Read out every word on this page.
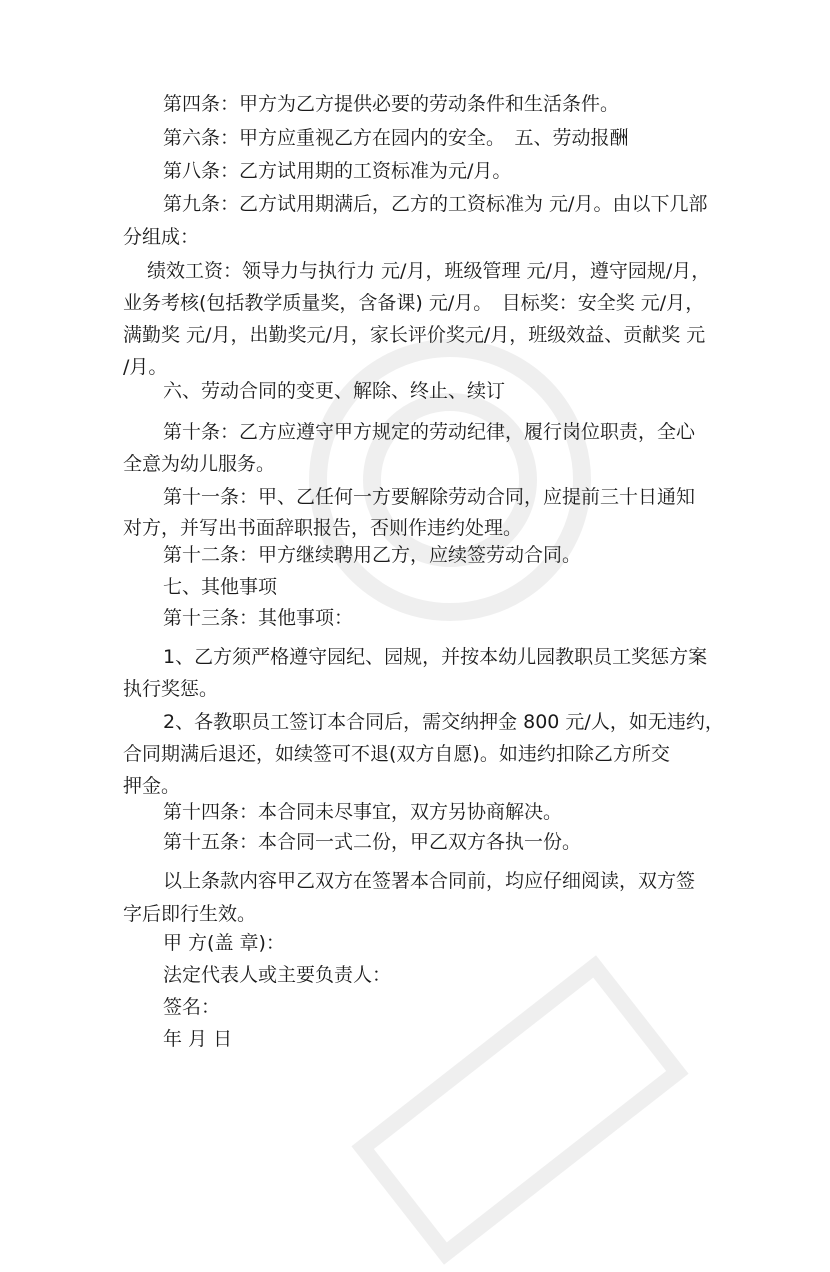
第四条：甲方为乙方提供必要的劳动条件和生活条件。
第六条：甲方应重视乙方在园内的安全。　五、劳动报酬
第八条：乙方试用期的工资标准为元/月。
第九条：乙方试用期满后，乙方的工资标准为 元/月。由以下几部
分组成：
绩效工资：领导力与执行力 元/月，班级管理 元/月，遵守园规/月，
业务考核(包括教学质量奖，含备课) 元/月。　目标奖：安全奖 元/月，
满勤奖 元/月，出勤奖元/月，家长评价奖元/月，班级效益、贡献奖 元
/月。
六、劳动合同的变更、解除、终止、续订
第十条：乙方应遵守甲方规定的劳动纪律，履行岗位职责，全心
全意为幼儿服务。
第十一条：甲、乙任何一方要解除劳动合同，应提前三十日通知
对方，并写出书面辞职报告，否则作违约处理。
第十二条：甲方继续聘用乙方，应续签劳动合同。
七、其他事项
第十三条：其他事项：
1、乙方须严格遵守园纪、园规，并按本幼儿园教职员工奖惩方案
执行奖惩。
2、各教职员工签订本合同后，需交纳押金 800 元/人，如无违约，
合同期满后退还，如续签可不退(双方自愿)。如违约扣除乙方所交
押金。
第十四条：本合同未尽事宜，双方另协商解决。
第十五条：本合同一式二份，甲乙双方各执一份。
以上条款内容甲乙双方在签署本合同前，均应仔细阅读，双方签
字后即行生效。
甲 方(盖 章)：
法定代表人或主要负责人：
签名：
年 月 日
